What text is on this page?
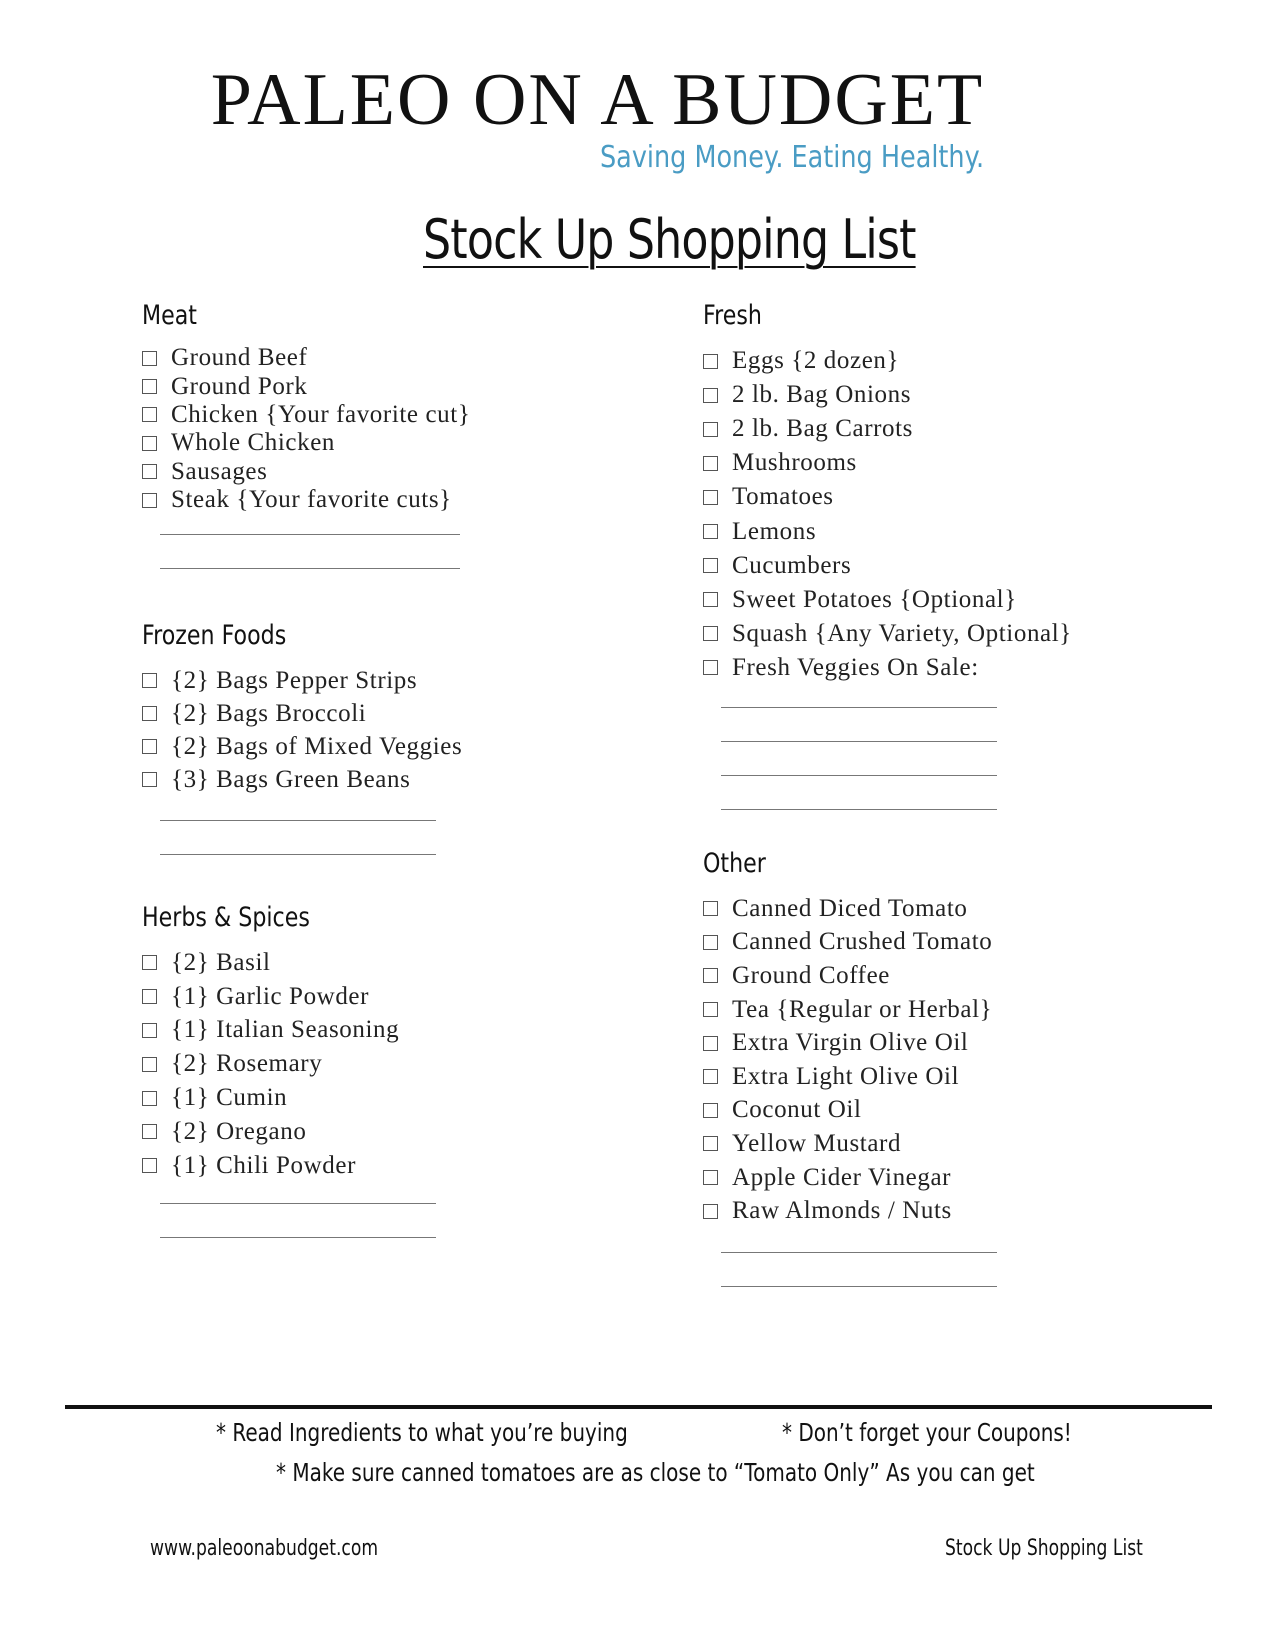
PALEO ON A BUDGET
Saving Money. Eating Healthy.
Stock Up Shopping List
Meat
Ground Beef
Ground Pork
Chicken {Your favorite cut}
Whole Chicken
Sausages
Steak {Your favorite cuts}
Frozen Foods
{2} Bags Pepper Strips
{2} Bags Broccoli
{2} Bags of Mixed Veggies
{3} Bags Green Beans
Herbs & Spices
{2} Basil
{1} Garlic Powder
{1} Italian Seasoning
{2} Rosemary
{1} Cumin
{2} Oregano
{1} Chili Powder
Fresh
Eggs {2 dozen}
2 lb. Bag Onions
2 lb. Bag Carrots
Mushrooms
Tomatoes
Lemons
Cucumbers
Sweet Potatoes {Optional}
Squash {Any Variety, Optional}
Fresh Veggies On Sale:
Other
Canned Diced Tomato
Canned Crushed Tomato
Ground Coffee
Tea {Regular or Herbal}
Extra Virgin Olive Oil
Extra Light Olive Oil
Coconut Oil
Yellow Mustard
Apple Cider Vinegar
Raw Almonds / Nuts
* Read Ingredients to what you’re buying	* Don’t forget your Coupons!
* Make sure canned tomatoes are as close to “Tomato Only” As you can get
www.paleoonabudget.com	Stock Up Shopping List
